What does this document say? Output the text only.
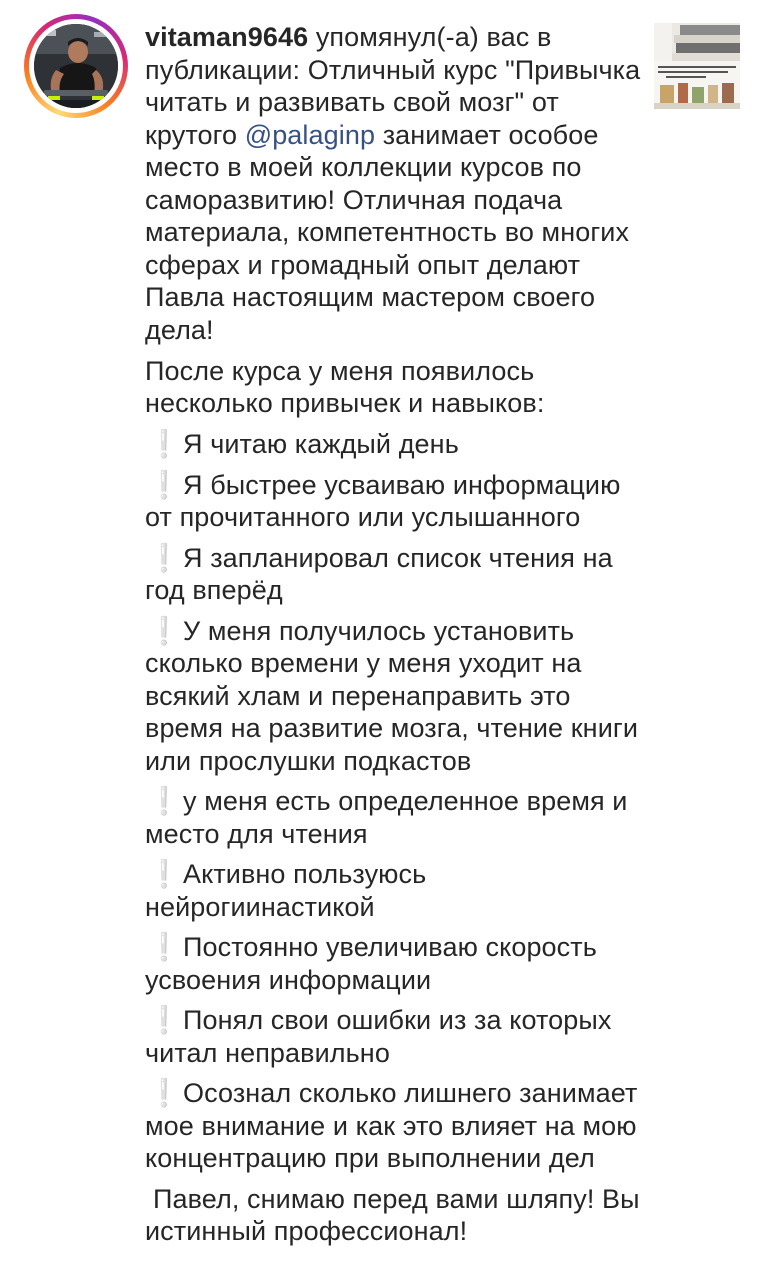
vitaman9646 упомянул(-а) вас в публикации: Отличный курс "Привычка читать и развивать свой мозг" от крутого @palaginp занимает особое место в моей коллекции курсов по саморазвитию! Отличная подача материала, компетентность во многих сферах и громадный опыт делают Павла настоящим мастером своего дела!

После курса у меня появилось несколько привычек и навыков:

❕Я читаю каждый день
❕Я быстрее усваиваю информацию от прочитанного или услышанного
❕Я запланировал список чтения на год вперёд
❕У меня получилось установить сколько времени у меня уходит на всякий хлам и перенаправить это время на развитие мозга, чтение книги или прослушки подкастов
❕у меня есть определенное время и место для чтения
❕Активно пользуюсь нейрогиинастикой
❕Постоянно увеличиваю скорость усвоения информации
❕Понял свои ошибки из за которых читал неправильно
❕Осознал сколько лишнего занимает мое внимание и как это влияет на мою концентрацию при выполнении дел

Павел, снимаю перед вами шляпу! Вы истинный профессионал!
